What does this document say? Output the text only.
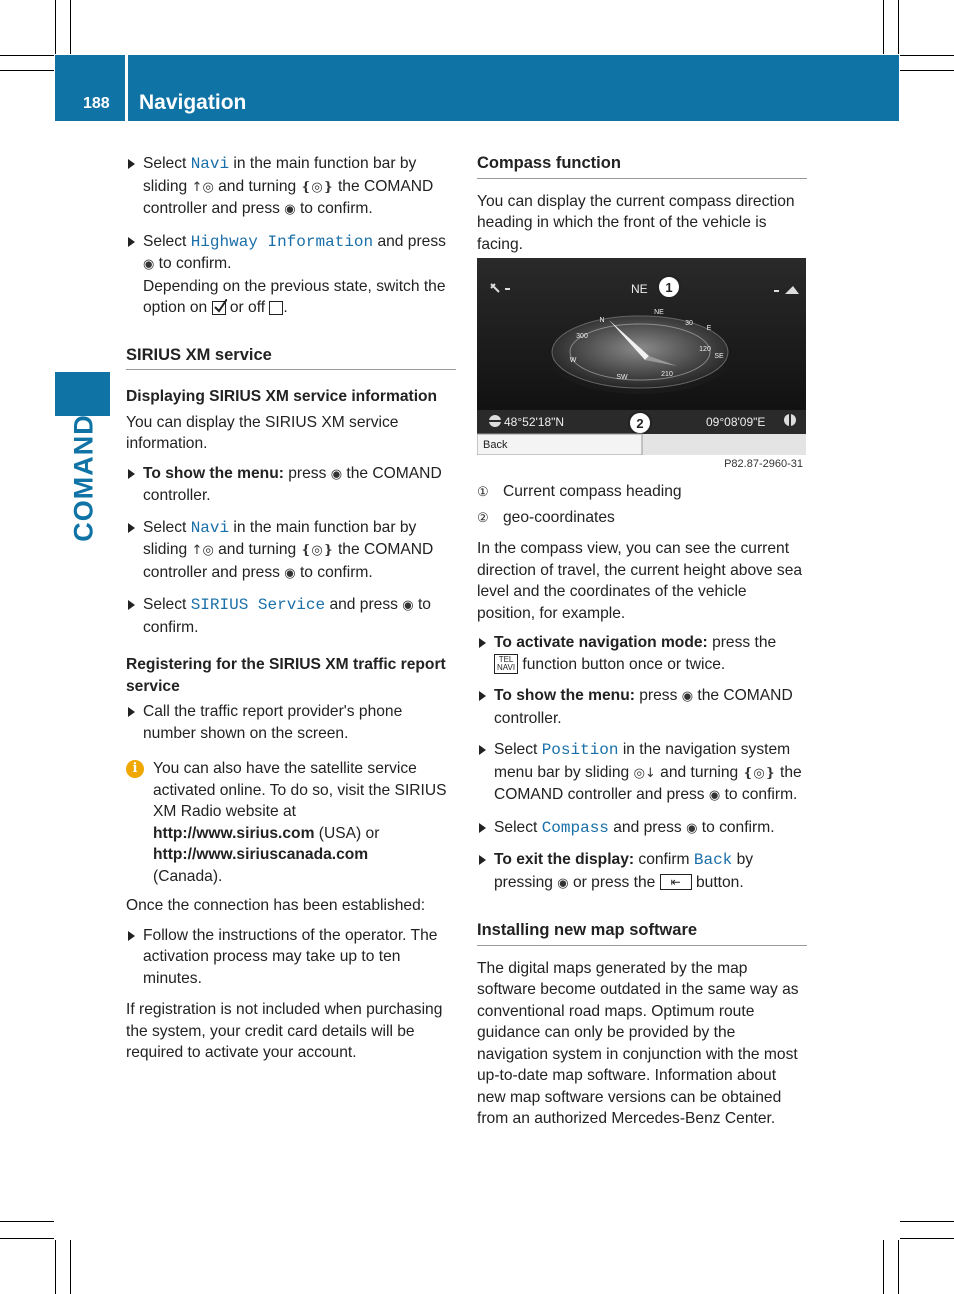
188 Navigation
COMAND
Select Navi in the main function bar by sliding ↑◎ and turning ❴◎❵ the COMAND controller and press ◉ to confirm.
Select Highway Information and press ◉ to confirm.
Depending on the previous state, switch the option on
or off .
SIRIUS XM service
Displaying SIRIUS XM service information

You can display the SIRIUS XM service information.

To show the menu: press ◉ the COMAND controller.
Select Navi in the main function bar by sliding ↑◎ and turning ❴◎❵ the COMAND controller and press ◉ to confirm.
Select SIRIUS Service and press ◉ to confirm.
Registering for the SIRIUS XM traffic report service
Call the traffic report provider's phone number shown on the screen.
i You can also have the satellite service activated online. To do so, visit the SIRIUS XM Radio website at
http://www.sirius.com (USA) or
http://www.siriuscanada.com
(Canada).

Once the connection has been established:

Follow the instructions of the operator. The activation process may take up to ten minutes.

If registration is not included when purchasing the system, your credit card details will be required to activate your account.

Compass function

You can display the current compass direction heading in which the front of the vehicle is facing.

NE 1
NE
30
E
120
SE
210
SW
W
300
N
48°52'18"N	2	09°08'09"E
Back
P82.87-2960-31
① Current compass heading
② geo-coordinates

In the compass view, you can see the current direction of travel, the current height above sea level and the coordinates of the vehicle position, for example.

To activate navigation mode: press the
TEL
NAVI function button once or twice.
To show the menu: press ◉ the COMAND controller.
Select Position in the navigation system menu bar by sliding ◎↓ and turning ❴◎❵ the COMAND controller and press ◉ to confirm.
Select Compass and press ◉ to confirm.
To exit the display: confirm Back by pressing ◉ or press the ⇤ button.
Installing new map software

The digital maps generated by the map software become outdated in the same way as conventional road maps. Optimum route guidance can only be provided by the navigation system in conjunction with the most up-to-date map software. Information about new map software versions can be obtained from an authorized Mercedes-Benz Center.
